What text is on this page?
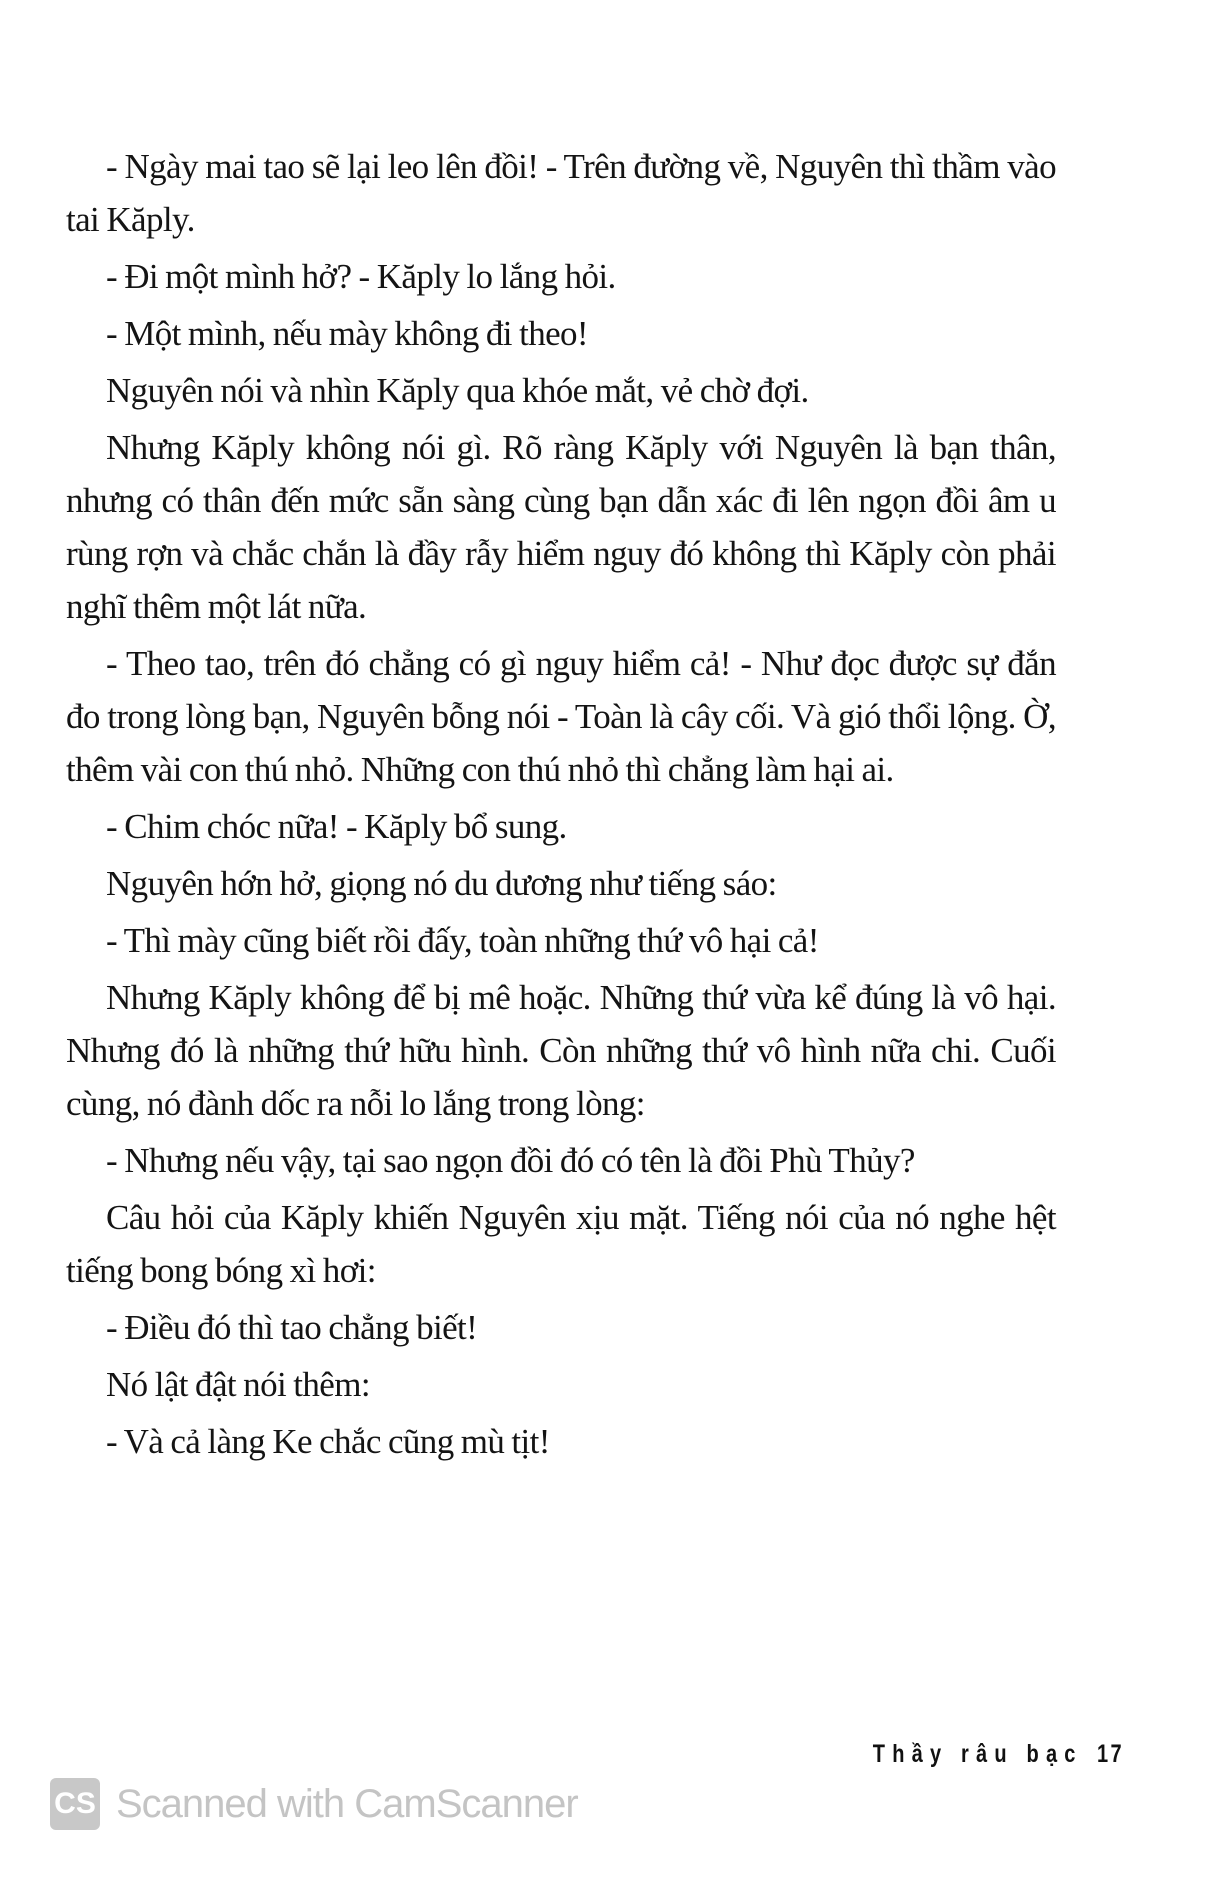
- Ngày mai tao sẽ lại leo lên đồi! - Trên đường về, Nguyên thì thầm vào tai Kăply.

- Đi một mình hở? - Kăply lo lắng hỏi.

- Một mình, nếu mày không đi theo!

Nguyên nói và nhìn Kăply qua khóe mắt, vẻ chờ đợi.

Nhưng Kăply không nói gì. Rõ ràng Kăply với Nguyên là bạn thân, nhưng có thân đến mức sẵn sàng cùng bạn dẫn xác đi lên ngọn đồi âm u rùng rợn và chắc chắn là đầy rẫy hiểm nguy đó không thì Kăply còn phải nghĩ thêm một lát nữa.

- Theo tao, trên đó chẳng có gì nguy hiểm cả! - Như đọc được sự đắn đo trong lòng bạn, Nguyên bỗng nói - Toàn là cây cối. Và gió thổi lộng. Ờ, thêm vài con thú nhỏ. Những con thú nhỏ thì chẳng làm hại ai.

- Chim chóc nữa! - Kăply bổ sung.

Nguyên hớn hở, giọng nó du dương như tiếng sáo:

- Thì mày cũng biết rồi đấy, toàn những thứ vô hại cả!

Nhưng Kăply không để bị mê hoặc. Những thứ vừa kể đúng là vô hại. Nhưng đó là những thứ hữu hình. Còn những thứ vô hình nữa chi. Cuối cùng, nó đành dốc ra nỗi lo lắng trong lòng:

- Nhưng nếu vậy, tại sao ngọn đồi đó có tên là đồi Phù Thủy?

Câu hỏi của Kăply khiến Nguyên xịu mặt. Tiếng nói của nó nghe hệt tiếng bong bóng xì hơi:

- Điều đó thì tao chẳng biết!

Nó lật đật nói thêm:

- Và cả làng Ke chắc cũng mù tịt!

Thầy râu bạc 17
CS Scanned with CamScanner
